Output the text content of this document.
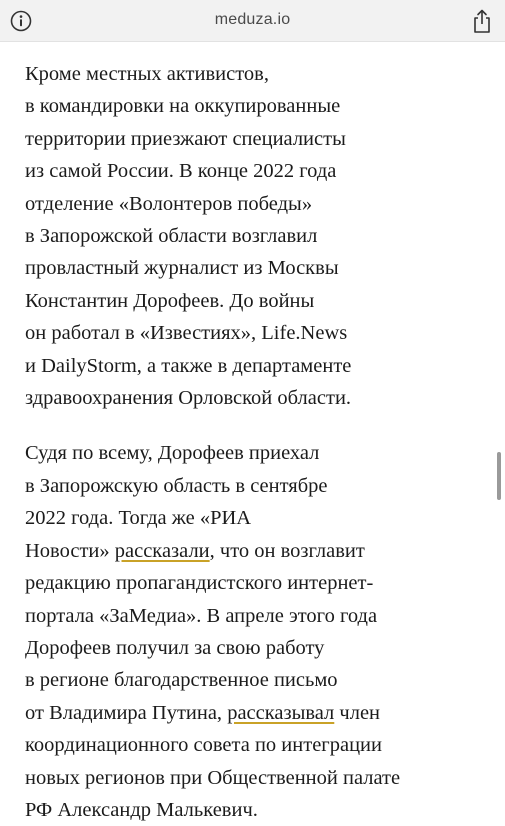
meduza.io

Кроме местных активистов,
в командировки на оккупированные
территории приезжают специалисты
из самой России. В конце 2022 года
отделение «Волонтеров победы»
в Запорожской области возглавил
провластный журналист из Москвы
Константин Дорофеев. До войны
он работал в «Известиях», Life.News
и DailyStorm, а также в департаменте
здравоохранения Орловской области.

Судя по всему, Дорофеев приехал
в Запорожскую область в сентябре
2022 года. Тогда же «РИА
Новости» рассказали, что он возглавит
редакцию пропагандистского интернет-
портала «ЗаМедиа». В апреле этого года
Дорофеев получил за свою работу
в регионе благодарственное письмо
от Владимира Путина, рассказывал член
координационного совета по интеграции
новых регионов при Общественной палате
РФ Александр Малькевич.
